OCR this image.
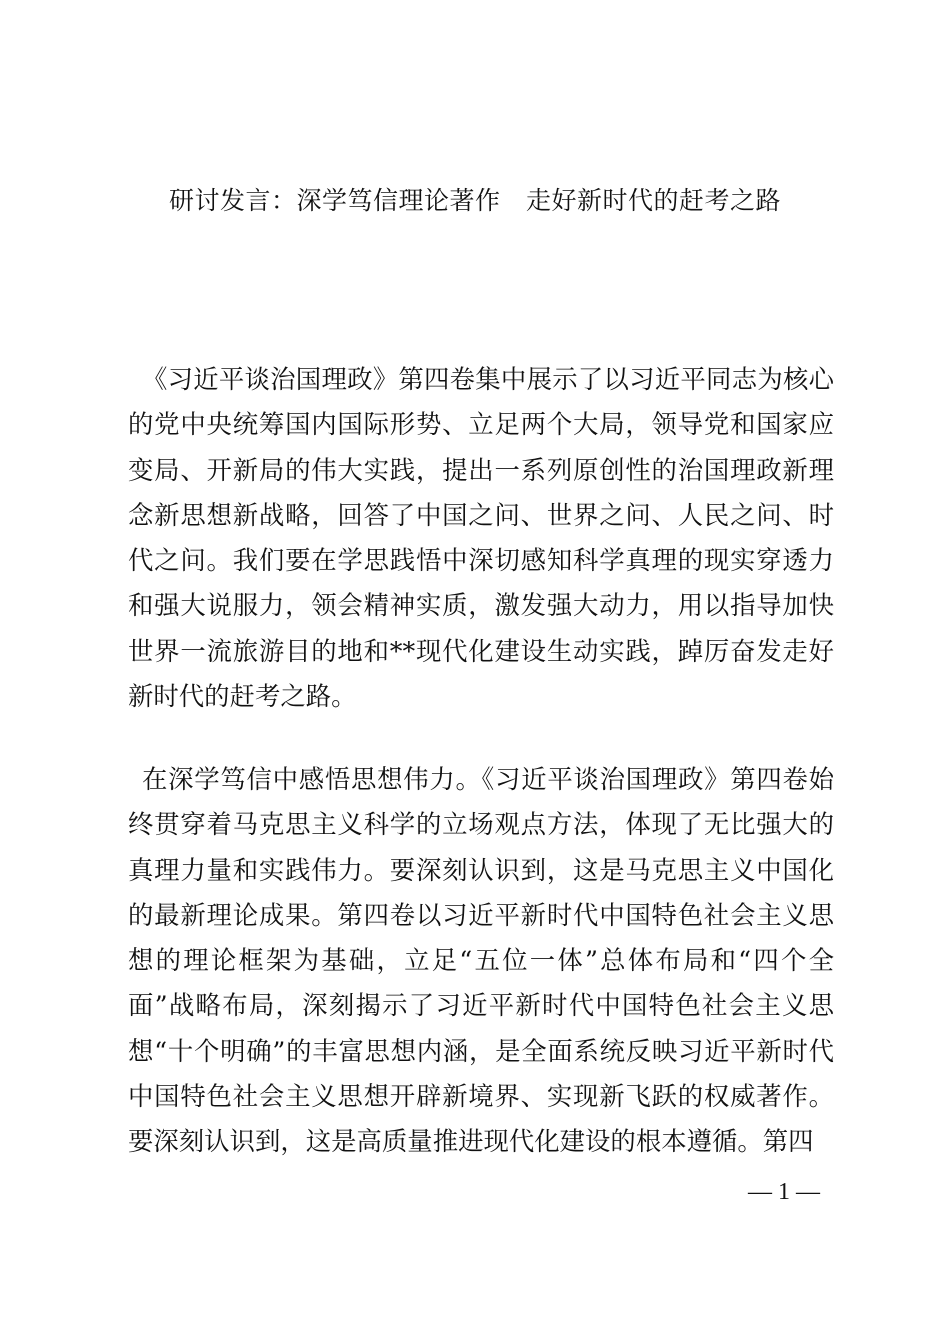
研讨发言：深学笃信理论著作　走好新时代的赶考之路

《习近平谈治国理政》第四卷集中展示了以习近平同志为核心的党中央统筹国内国际形势、立足两个大局，领导党和国家应变局、开新局的伟大实践，提出一系列原创性的治国理政新理念新思想新战略，回答了中国之问、世界之问、人民之问、时代之问。我们要在学思践悟中深切感知科学真理的现实穿透力和强大说服力，领会精神实质，激发强大动力，用以指导加快世界一流旅游目的地和**现代化建设生动实践，踔厉奋发走好新时代的赶考之路。

在深学笃信中感悟思想伟力。《习近平谈治国理政》第四卷始终贯穿着马克思主义科学的立场观点方法，体现了无比强大的真理力量和实践伟力。要深刻认识到，这是马克思主义中国化的最新理论成果。第四卷以习近平新时代中国特色社会主义思想的理论框架为基础，立足“五位一体”总体布局和“四个全面”战略布局，深刻揭示了习近平新时代中国特色社会主义思想“十个明确”的丰富思想内涵，是全面系统反映习近平新时代中国特色社会主义思想开辟新境界、实现新飞跃的权威著作。要深刻认识到，这是高质量推进现代化建设的根本遵循。第四

— 1 —
